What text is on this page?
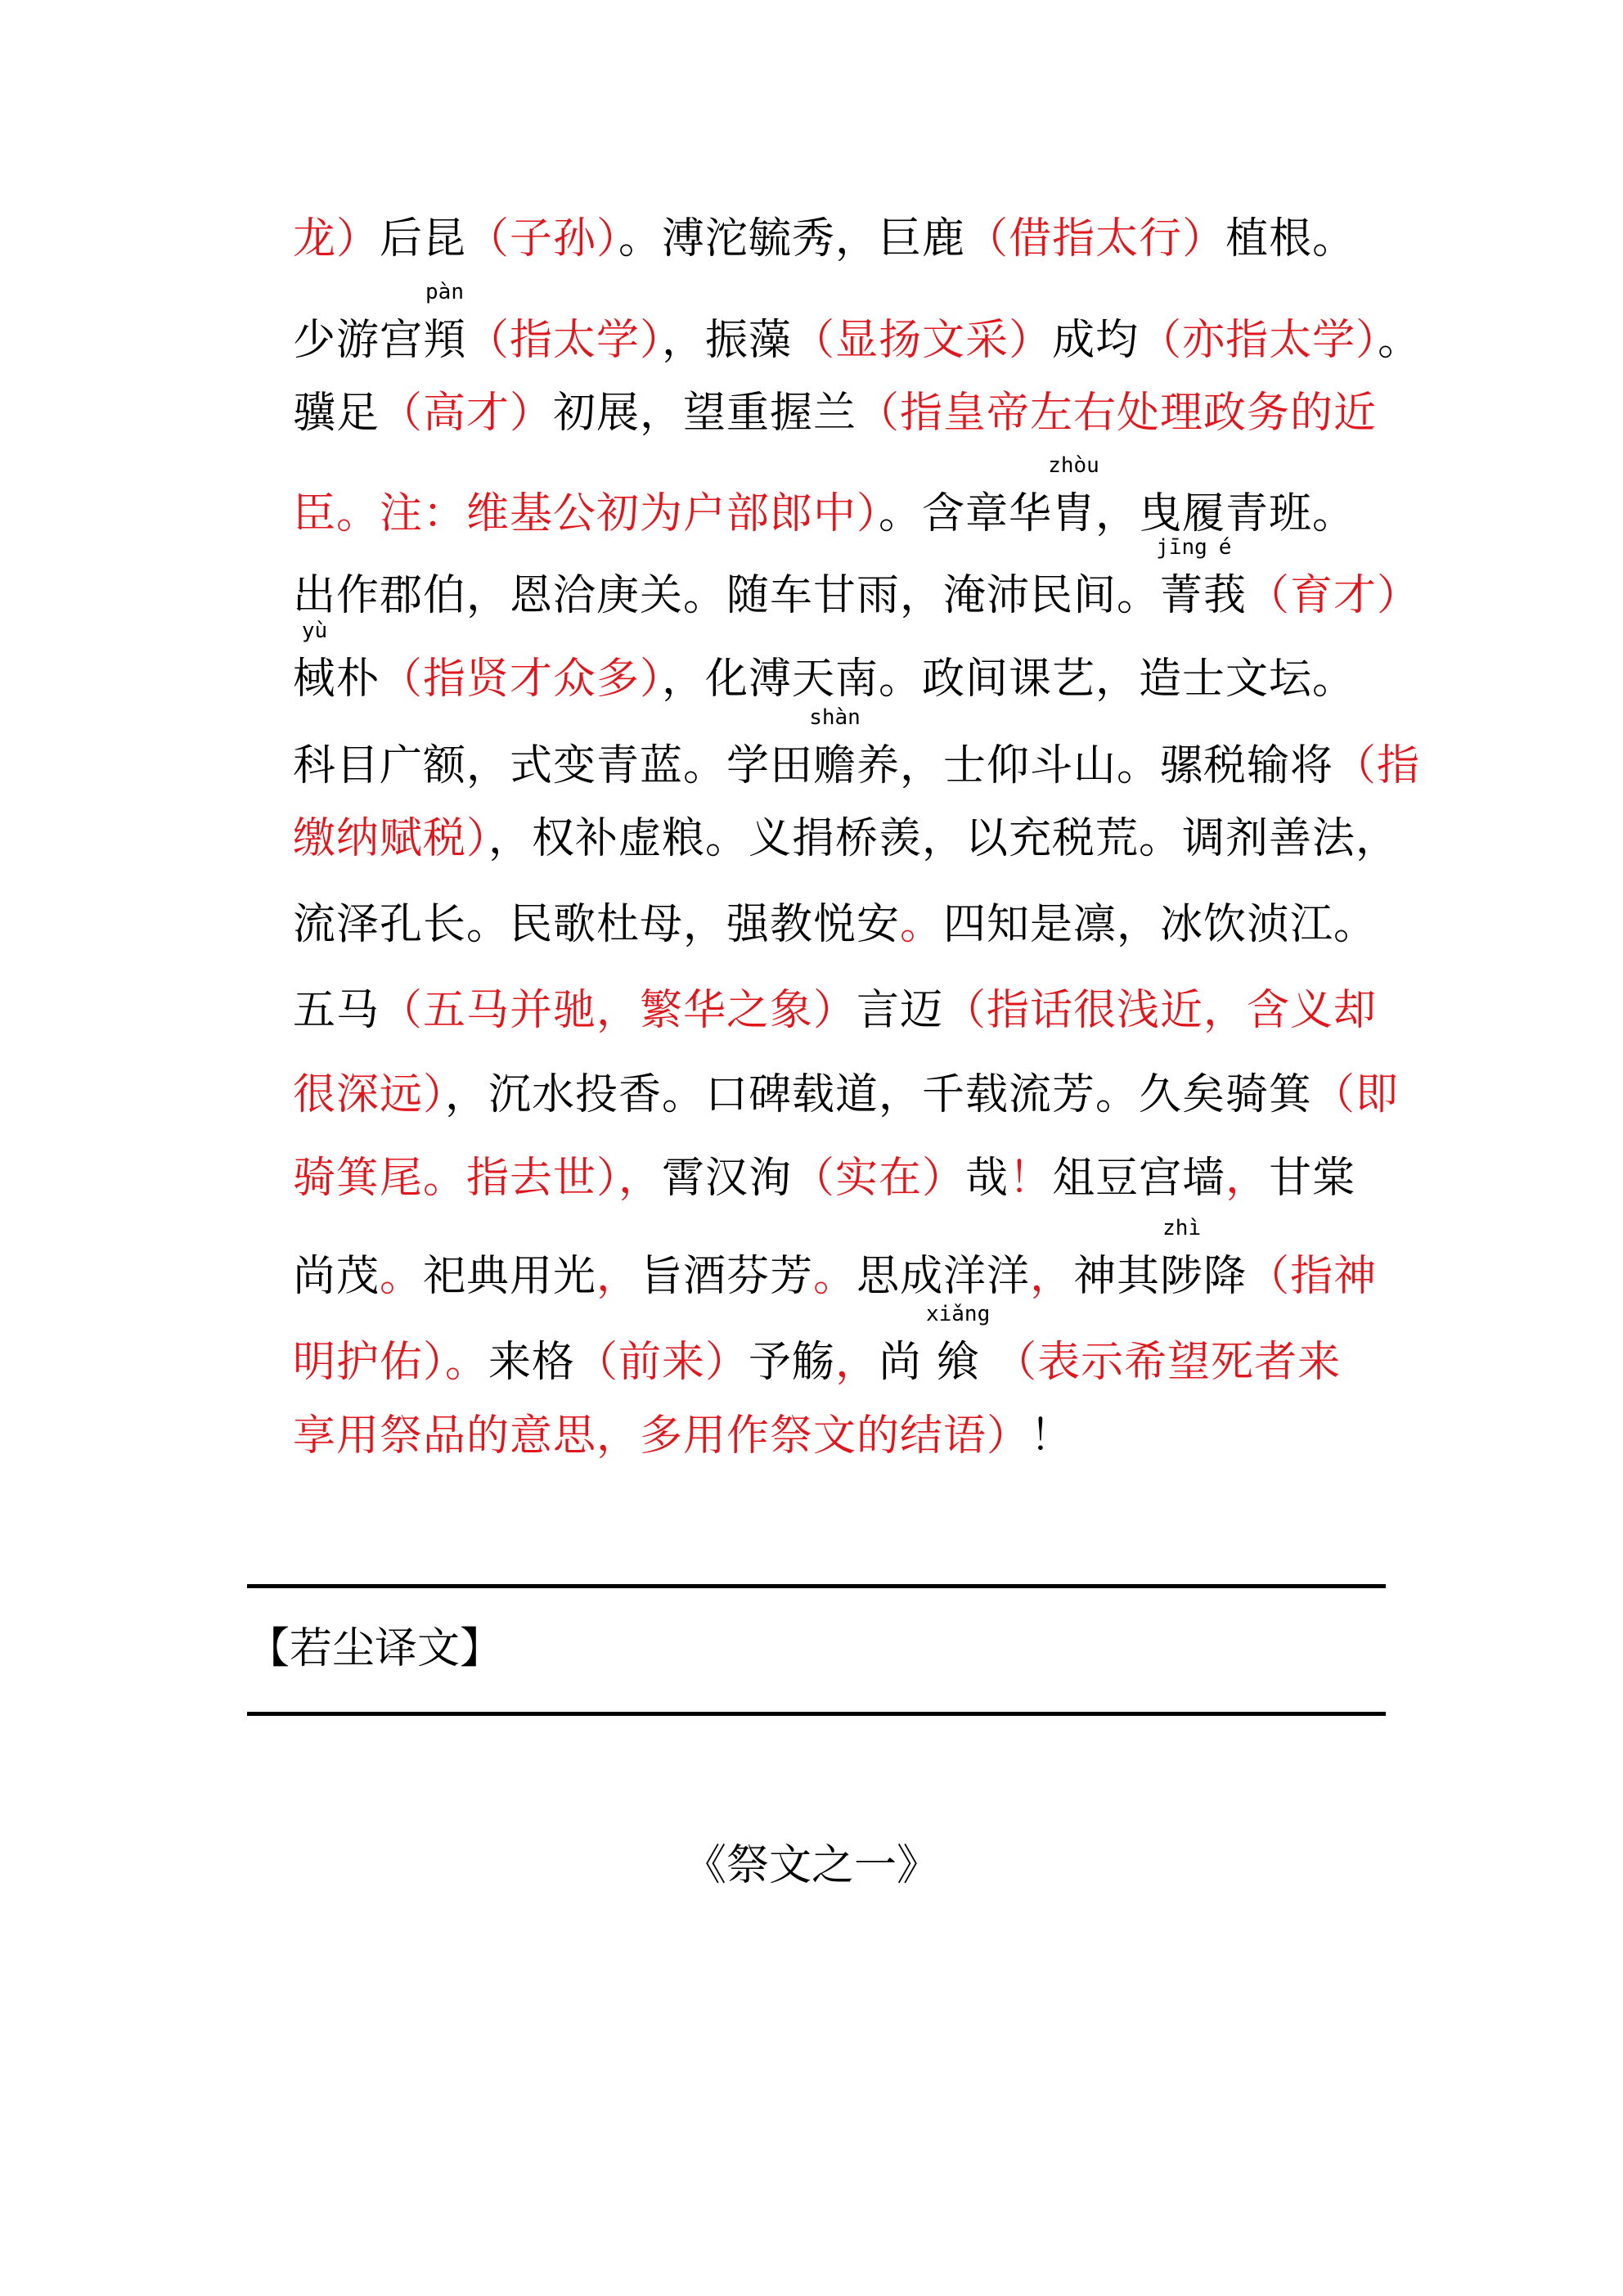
龙）后昆（子孙）。溥沱毓秀，巨鹿（借指太行）植根。
少游宫
pàn
頖（指太学），振藻（显扬文采）成均（亦指太学）。
骥足（高才）初展，望重握兰（指皇帝左右处理政务的近
臣。注：维基公初为户部郎中）。含章华
zhòu
胄，曳履青班。
出作郡伯，恩洽庚关。随车甘雨，淹沛民间。
jīng
菁
é
莪（育才）
yù
棫朴（指贤才众多），化溥天南。政间课艺，造士文坛。
科目广额，式变青蓝。学田
shàn
赡养，士仰斗山。骡税输将（指
缴纳赋税），权补虚粮。义捐桥羡，以充税荒。调剂善法，
流泽孔长。民歌杜母，强教悦安。四知是凛，冰饮浈江。
五马（五马并驰，繁华之象）言迈（指话很浅近，含义却
很深远），沉水投香。口碑载道，千载流芳。久矣骑箕（即
骑箕尾。指去世），霄汉洵（实在）哉！俎豆宫墙，甘棠
尚茂。祀典用光，旨酒芬芳。思成洋洋，神其
zhì
陟降（指神
明护佑）。来格（前来）予觞，尚
xiǎng
飨 （表示希望死者来
享用祭品的意思，多用作祭文的结语）！
【若尘译文】
《祭文之一》
